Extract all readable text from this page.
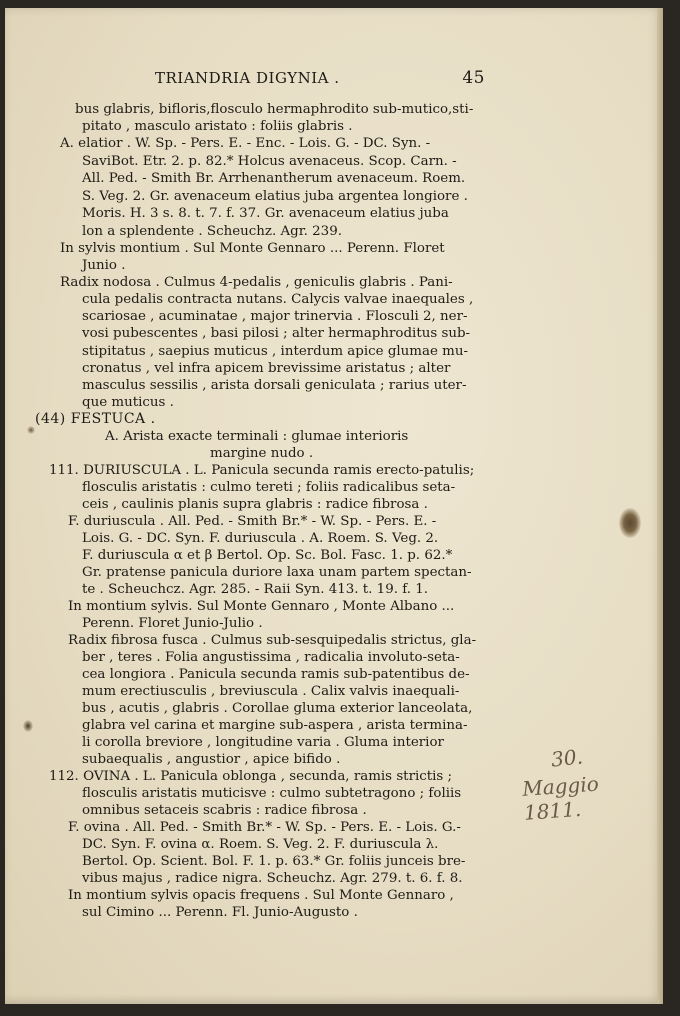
TRIANDRIA DIGYNIA .	45
bus glabris, bifloris,flosculo hermaphrodito sub-mutico,sti-
pitato , masculo aristato : foliis glabris .
A. elatior . W. Sp. - Pers. E. - Enc. - Lois. G. - DC. Syn. -
SaviBot. Etr. 2. p. 82.* Holcus avenaceus. Scop. Carn. -
All. Ped. - Smith Br. Arrhenantherum avenaceum. Roem.
S. Veg. 2. Gr. avenaceum elatius juba argentea longiore .
Moris. H. 3 s. 8. t. 7. f. 37. Gr. avenaceum elatius juba
lon a splendente . Scheuchz. Agr. 239.
In sylvis montium . Sul Monte Gennaro ... Perenn. Floret
Junio .
Radix nodosa . Culmus 4-pedalis , geniculis glabris . Pani-
cula pedalis contracta nutans. Calycis valvae inaequales ,
scariosae , acuminatae , major trinervia . Flosculi 2, ner-
vosi pubescentes , basi pilosi ; alter hermaphroditus sub-
stipitatus , saepius muticus , interdum apice glumae mu-
cronatus , vel infra apicem brevissime aristatus ; alter
masculus sessilis , arista dorsali geniculata ; rarius uter-
que muticus .
(44) FESTUCA .
A. Arista exacte terminali : glumae interioris
margine nudo .
111. DURIUSCULA . L. Panicula secunda ramis erecto-patulis;
flosculis aristatis : culmo tereti ; foliis radicalibus seta-
ceis , caulinis planis supra glabris : radice fibrosa .
F. duriuscula . All. Ped. - Smith Br.* - W. Sp. - Pers. E. -
Lois. G. - DC. Syn. F. duriuscula . A. Roem. S. Veg. 2.
F. duriuscula α et β Bertol. Op. Sc. Bol. Fasc. 1. p. 62.*
Gr. pratense panicula duriore laxa unam partem spectan-
te . Scheuchcz. Agr. 285. - Raii Syn. 413. t. 19. f. 1.
In montium sylvis. Sul Monte Gennaro , Monte Albano ...
Perenn. Floret Junio-Julio .
Radix fibrosa fusca . Culmus sub-sesquipedalis strictus, gla-
ber , teres . Folia angustissima , radicalia involuto-seta-
cea longiora . Panicula secunda ramis sub-patentibus de-
mum erectiusculis , breviuscula . Calix valvis inaequali-
bus , acutis , glabris . Corollae gluma exterior lanceolata,
glabra vel carina et margine sub-aspera , arista termina-
li corolla breviore , longitudine varia . Gluma interior
subaequalis , angustior , apice bifido .
112. OVINA . L. Panicula oblonga , secunda, ramis strictis ;
flosculis aristatis muticisve : culmo subtetragono ; foliis
omnibus setaceis scabris : radice fibrosa .
F. ovina . All. Ped. - Smith Br.* - W. Sp. - Pers. E. - Lois. G.-
DC. Syn. F. ovina α. Roem. S. Veg. 2. F. duriuscula λ.
Bertol. Op. Scient. Bol. F. 1. p. 63.* Gr. foliis junceis bre-
vibus majus , radice nigra. Scheuchz. Agr. 279. t. 6. f. 8.
In montium sylvis opacis frequens . Sul Monte Gennaro ,
sul Cimino ... Perenn. Fl. Junio-Augusto .
30.
Maggio 1811.
